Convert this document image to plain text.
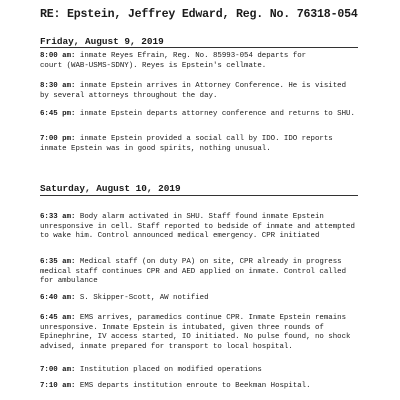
RE: Epstein, Jeffrey Edward, Reg. No. 76318-054
Friday, August 9, 2019
8:00 am: inmate Reyes Efrain, Reg. No. 85993-054 departs for
court (WAB-USMS-SDNY). Reyes is Epstein's cellmate.
8:30 am: inmate Epstein arrives in Attorney Conference. He is visited by several attorneys throughout the day.
6:45 pm: inmate Epstein departs attorney conference and returns to SHU.
7:00 pm: inmate Epstein provided a social call by IDO. IDO reports inmate Epstein was in good spirits, nothing unusual.
Saturday, August 10, 2019
6:33 am: Body alarm activated in SHU. Staff found inmate Epstein unresponsive in cell. Staff reported to bedside of inmate and attempted to wake him. Control announced medical emergency. CPR initiated
6:35 am: Medical staff (on duty PA) on site, CPR already in progress medical staff continues CPR and AED applied on inmate. Control called for ambulance
6:40 am: S. Skipper-Scott, AW notified
6:45 am: EMS arrives, paramedics continue CPR. Inmate Epstein remains unresponsive. Inmate Epstein is intubated, given three rounds of Epinephrine, IV access started, IO initiated. No pulse found, no shock advised, inmate prepared for transport to local hospital.
7:00 am: Institution placed on modified operations
7:10 am: EMS departs institution enroute to Beekman Hospital.
